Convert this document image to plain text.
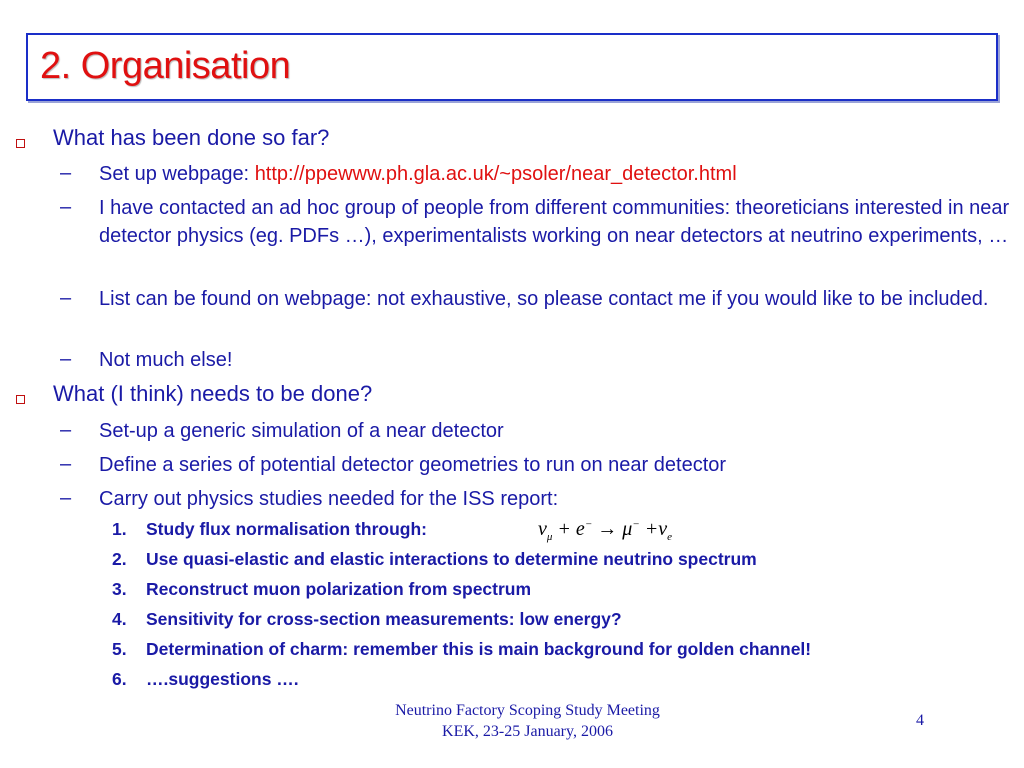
2. Organisation
What has been done so far?
– Set up webpage: http://ppewww.ph.gla.ac.uk/~psoler/near_detector.html
– I have contacted an ad hoc group of people from different communities: theoreticians interested in near detector physics (eg. PDFs …), experimentalists working on near detectors at neutrino experiments, …
– List can be found on webpage: not exhaustive, so please contact me if you would like to be included.
– Not much else!
What (I think) needs to be done?
– Set-up a generic simulation of a near detector
– Define a series of potential detector geometries to run on near detector
– Carry out physics studies needed for the ISS report:
1. Study flux normalisation through:	$\nu_\mu + e^- \to \mu^- +\nu_e$
2. Use quasi-elastic and elastic interactions to determine neutrino spectrum
3. Reconstruct muon polarization from spectrum
4. Sensitivity for cross-section measurements: low energy?
5. Determination of charm: remember this is main background for golden channel!
6. ….suggestions ….
Neutrino Factory Scoping Study Meeting
KEK, 23-25 January, 2006
4
